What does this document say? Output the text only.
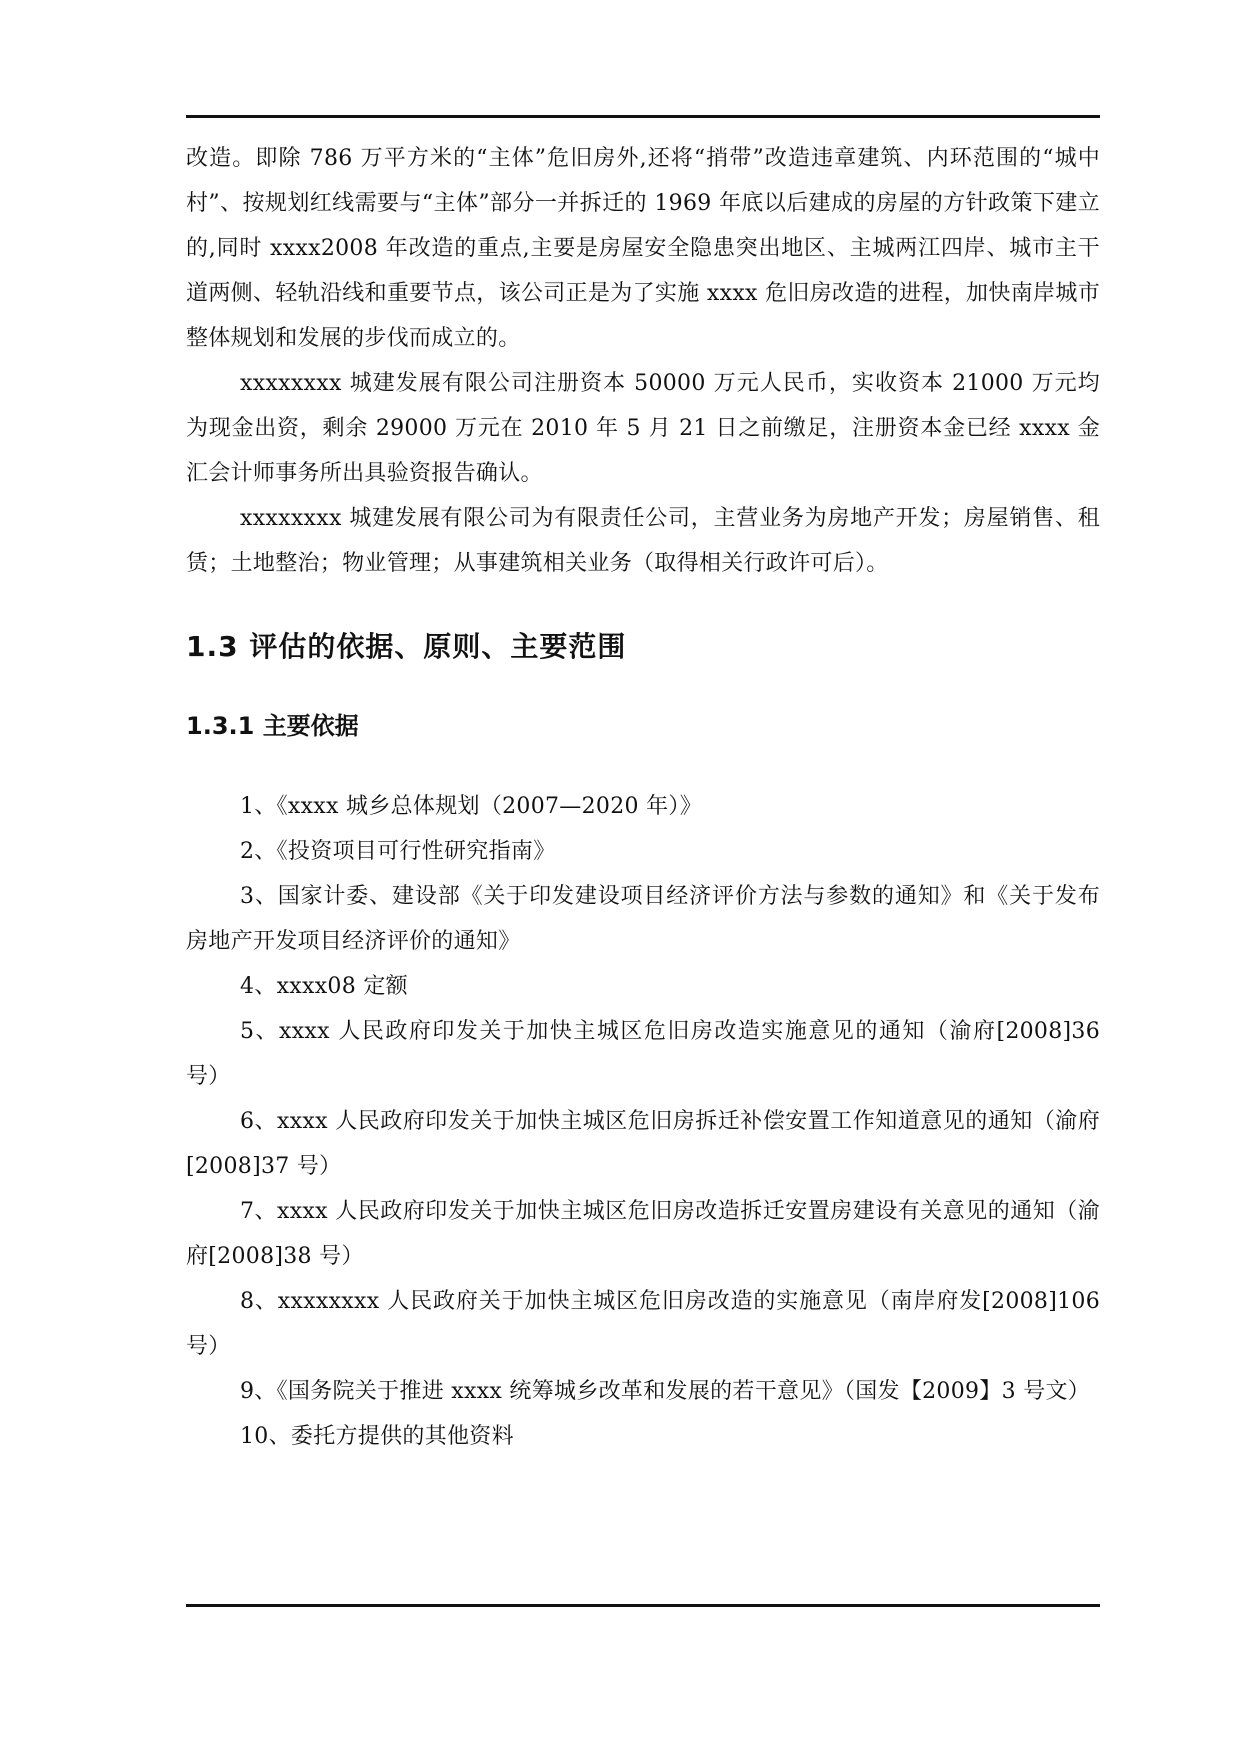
改造。即除 786 万平方米的“主体”危旧房外,还将“捎带”改造违章建筑、内环范围的“城中村”、按规划红线需要与“主体”部分一并拆迁的 1969 年底以后建成的房屋的方针政策下建立的,同时 xxxx2008 年改造的重点,主要是房屋安全隐患突出地区、主城两江四岸、城市主干道两侧、轻轨沿线和重要节点，该公司正是为了实施 xxxx 危旧房改造的进程，加快南岸城市整体规划和发展的步伐而成立的。

xxxxxxxx 城建发展有限公司注册资本 50000 万元人民币，实收资本 21000 万元均为现金出资，剩余 29000 万元在 2010 年 5 月 21 日之前缴足，注册资本金已经 xxxx 金汇会计师事务所出具验资报告确认。

xxxxxxxx 城建发展有限公司为有限责任公司，主营业务为房地产开发；房屋销售、租赁；土地整治；物业管理；从事建筑相关业务（取得相关行政许可后）。

1.3 评估的依据、原则、主要范围
1.3.1 主要依据

1、《xxxx 城乡总体规划（2007—2020 年）》

2、《投资项目可行性研究指南》

3、国家计委、建设部《关于印发建设项目经济评价方法与参数的通知》和《关于发布房地产开发项目经济评价的通知》

4、xxxx08 定额

5、xxxx 人民政府印发关于加快主城区危旧房改造实施意见的通知（渝府[2008]36 号）

6、xxxx 人民政府印发关于加快主城区危旧房拆迁补偿安置工作知道意见的通知（渝府[2008]37 号）

7、xxxx 人民政府印发关于加快主城区危旧房改造拆迁安置房建设有关意见的通知（渝府[2008]38 号）

8、xxxxxxxx 人民政府关于加快主城区危旧房改造的实施意见（南岸府发[2008]106 号）

9、《国务院关于推进 xxxx 统筹城乡改革和发展的若干意见》（国发【2009】3 号文）

10、委托方提供的其他资料
